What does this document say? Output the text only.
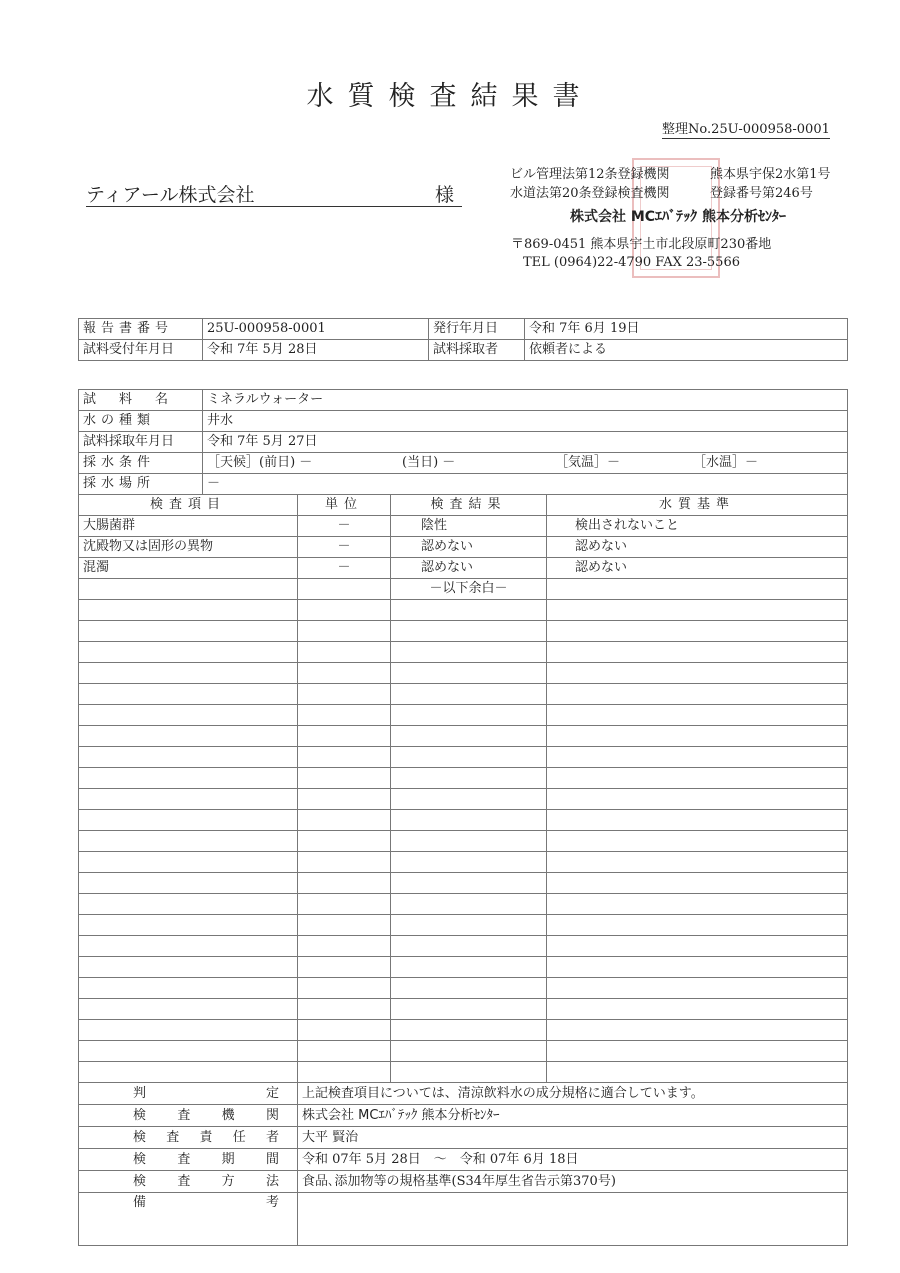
水質検査結果書
整理No.25U-000958-0001
ティアール株式会社	様
ビル管理法第12条登録機関	熊本県宇保2水第1号
水道法第20条登録検査機関	登録番号第246号
株式会社 MCｴﾊﾞﾃｯｸ 熊本分析ｾﾝﾀｰ
〒869-0451 熊本県宇土市北段原町230番地
TEL (0964)22-4790 FAX 23-5566
報告書番号	25U-000958-0001	発行年月日	令和 7年 6月 19日
試料受付年月日	令和 7年 5月 28日	試料採取者	依頼者による
試　料　名	ミネラルウォーター			
水の種類	井水			
試料採取年月日	令和 7年 5月 27日			
採水条件	［天候］(前日) － (当日) － ［気温］－ ［水温］－			
採水場所	－			
検査項目		単位	検査結果	水質基準
大腸菌群		－	陰性	検出されないこと
沈殿物又は固形の異物		－	認めない	認めない
混濁		－	認めない	認めない
			－以下余白－	

判定		上記検査項目については、清涼飲料水の成分規格に適合しています。		
検査機関		株式会社 MCｴﾊﾞﾃｯｸ 熊本分析ｾﾝﾀｰ		
検査責任者		大平 賢治		
検査期間		令和 07年 5月 28日　～　令和 07年 6月 18日		
検査方法		食品､添加物等の規格基準(S34年厚生省告示第370号)		
備考				
